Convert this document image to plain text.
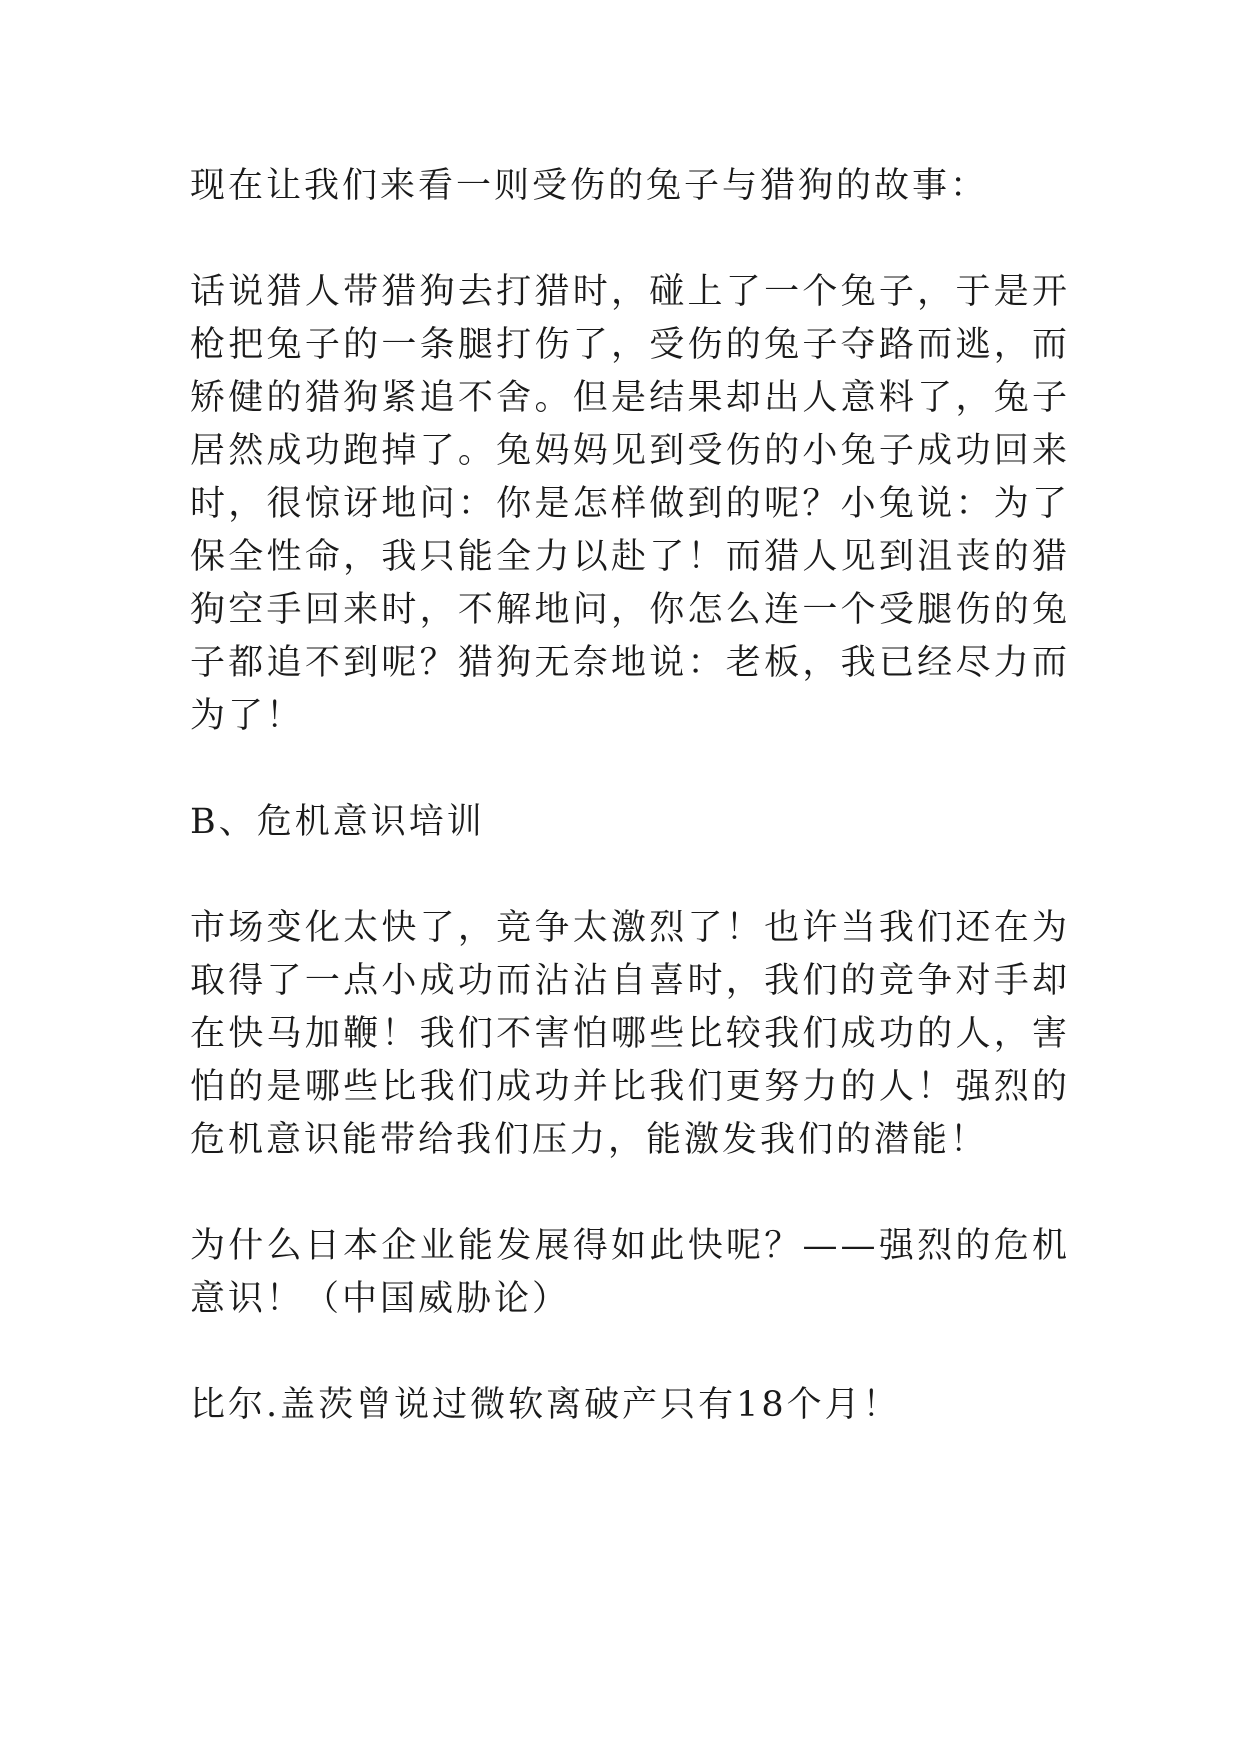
现在让我们来看一则受伤的兔子与猎狗的故事：

话说猎人带猎狗去打猎时，碰上了一个兔子，于是开枪把兔子的一条腿打伤了，受伤的兔子夺路而逃，而矫健的猎狗紧追不舍。但是结果却出人意料了，兔子居然成功跑掉了。兔妈妈见到受伤的小兔子成功回来时，很惊讶地问：你是怎样做到的呢？小兔说：为了保全性命，我只能全力以赴了！而猎人见到沮丧的猎狗空手回来时，不解地问，你怎么连一个受腿伤的兔子都追不到呢？猎狗无奈地说：老板，我已经尽力而为了！

B、危机意识培训

市场变化太快了，竞争太激烈了！也许当我们还在为取得了一点小成功而沾沾自喜时，我们的竞争对手却在快马加鞭！我们不害怕哪些比较我们成功的人，害怕的是哪些比我们成功并比我们更努力的人！强烈的危机意识能带给我们压力，能激发我们的潜能！

为什么日本企业能发展得如此快呢？——强烈的危机意识！（中国威胁论）

比尔.盖茨曾说过微软离破产只有18个月！
